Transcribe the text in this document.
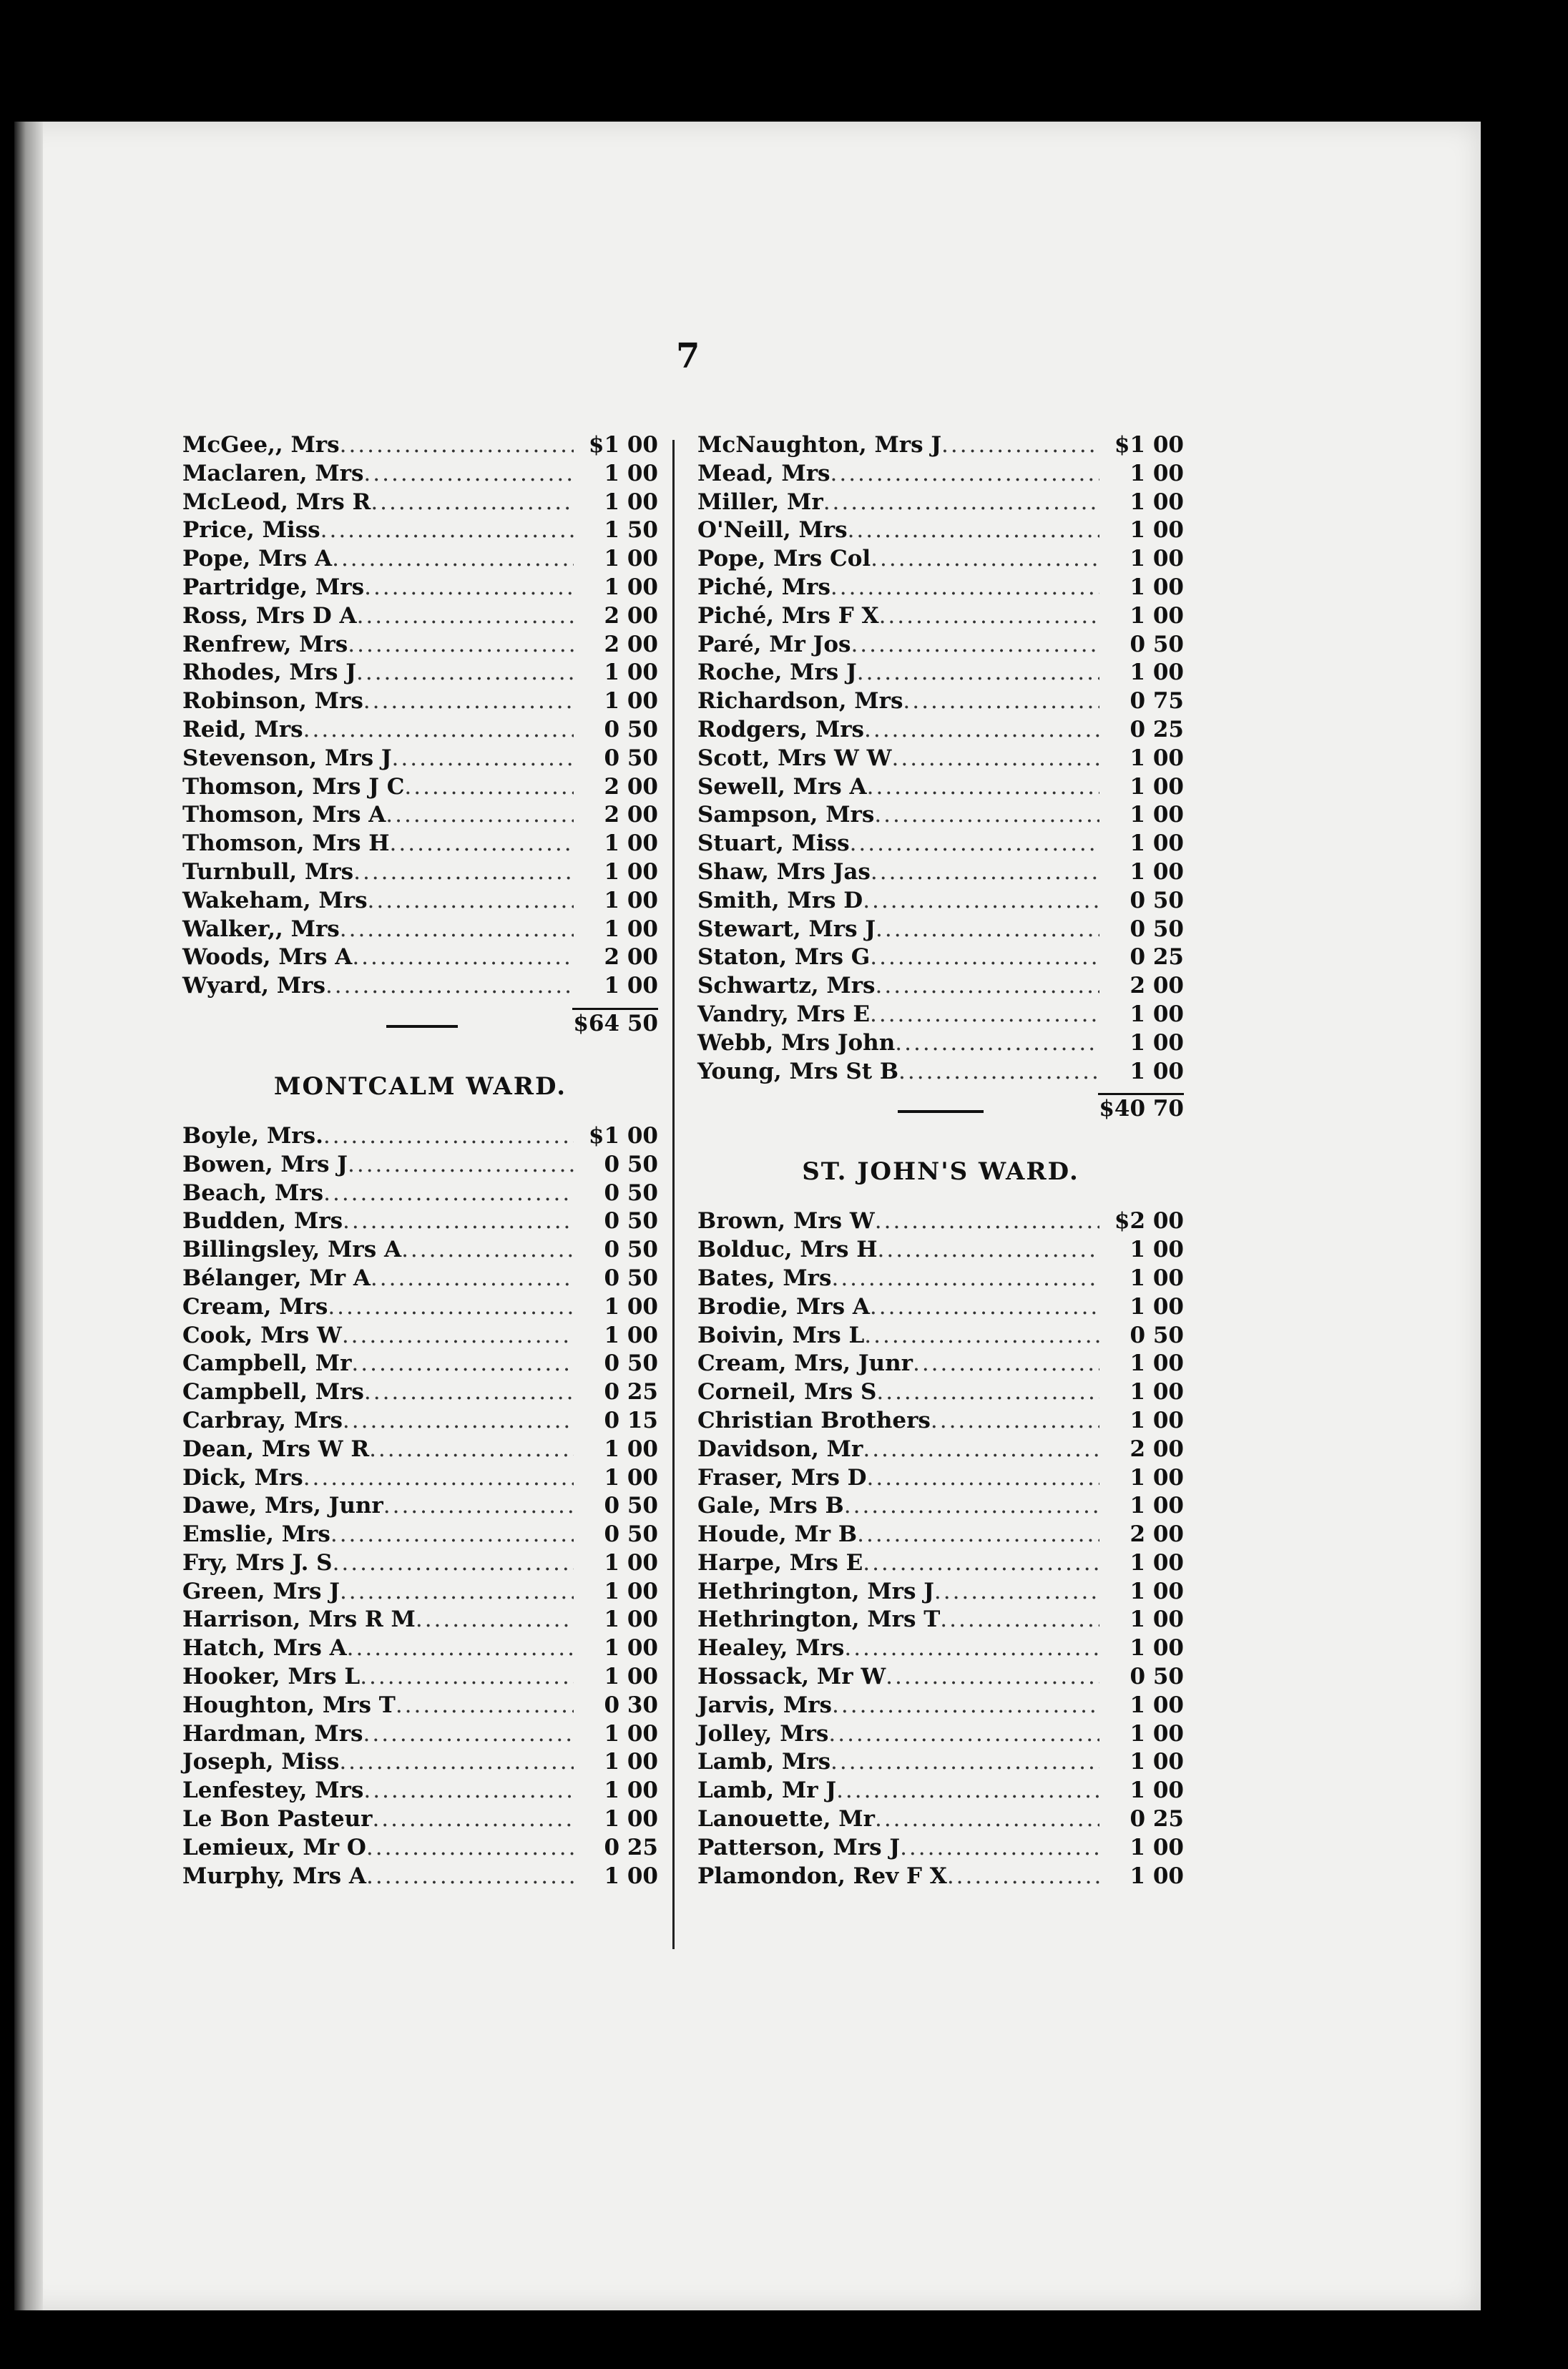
7
McGee,, Mrs .....	$1 00
Maclaren, Mrs .....	1 00
McLeod, Mrs R .....	1 00
Price, Miss .....	1 50
Pope, Mrs A .....	1 00
Partridge, Mrs .....	1 00
Ross, Mrs D A .....	2 00
Renfrew, Mrs .....	2 00
Rhodes, Mrs J .....	1 00
Robinson, Mrs .....	1 00
Reid, Mrs .....	0 50
Stevenson, Mrs J .....	0 50
Thomson, Mrs J C .....	2 00
Thomson, Mrs A .....	2 00
Thomson, Mrs H .....	1 00
Turnbull, Mrs .....	1 00
Wakeham, Mrs .....	1 00
Walker,, Mrs .....	1 00
Woods, Mrs A .....	2 00
Wyard, Mrs .....	1 00
$64 50
MONTCALM WARD.
Boyle, Mrs. .....	$1 00
Bowen, Mrs J .....	0 50
Beach, Mrs .....	0 50
Budden, Mrs .....	0 50
Billingsley, Mrs A .....	0 50
Bélanger, Mr A .....	0 50
Cream, Mrs .....	1 00
Cook, Mrs W .....	1 00
Campbell, Mr .....	0 50
Campbell, Mrs .....	0 25
Carbray, Mrs .....	0 15
Dean, Mrs W R .....	1 00
Dick, Mrs .....	1 00
Dawe, Mrs, Junr .....	0 50
Emslie, Mrs .....	0 50
Fry, Mrs J. S .....	1 00
Green, Mrs J .....	1 00
Harrison, Mrs R M .....	1 00
Hatch, Mrs A .....	1 00
Hooker, Mrs L .....	1 00
Houghton, Mrs T .....	0 30
Hardman, Mrs .....	1 00
Joseph, Miss .....	1 00
Lenfestey, Mrs .....	1 00
Le Bon Pasteur .....	1 00
Lemieux, Mr O .....	0 25
Murphy, Mrs A .....	1 00
McNaughton, Mrs J .....	$1 00
Mead, Mrs .....	1 00
Miller, Mr .....	1 00
O'Neill, Mrs .....	1 00
Pope, Mrs Col .....	1 00
Piché, Mrs .....	1 00
Piché, Mrs F X .....	1 00
Paré, Mr Jos .....	0 50
Roche, Mrs J .....	1 00
Richardson, Mrs .....	0 75
Rodgers, Mrs .....	0 25
Scott, Mrs W W .....	1 00
Sewell, Mrs A .....	1 00
Sampson, Mrs .....	1 00
Stuart, Miss .....	1 00
Shaw, Mrs Jas .....	1 00
Smith, Mrs D .....	0 50
Stewart, Mrs J .....	0 50
Staton, Mrs G .....	0 25
Schwartz, Mrs .....	2 00
Vandry, Mrs E .....	1 00
Webb, Mrs John .....	1 00
Young, Mrs St B .....	1 00
$40 70
ST. JOHN'S WARD.
Brown, Mrs W .....	$2 00
Bolduc, Mrs H .....	1 00
Bates, Mrs .....	1 00
Brodie, Mrs A .....	1 00
Boivin, Mrs L .....	0 50
Cream, Mrs, Junr .....	1 00
Corneil, Mrs S .....	1 00
Christian Brothers .....	1 00
Davidson, Mr .....	2 00
Fraser, Mrs D .....	1 00
Gale, Mrs B .....	1 00
Houde, Mr B .....	2 00
Harpe, Mrs E .....	1 00
Hethrington, Mrs J .....	1 00
Hethrington, Mrs T .....	1 00
Healey, Mrs .....	1 00
Hossack, Mr W .....	0 50
Jarvis, Mrs .....	1 00
Jolley, Mrs .....	1 00
Lamb, Mrs .....	1 00
Lamb, Mr J .....	1 00
Lanouette, Mr .....	0 25
Patterson, Mrs J .....	1 00
Plamondon, Rev F X .....	1 00
